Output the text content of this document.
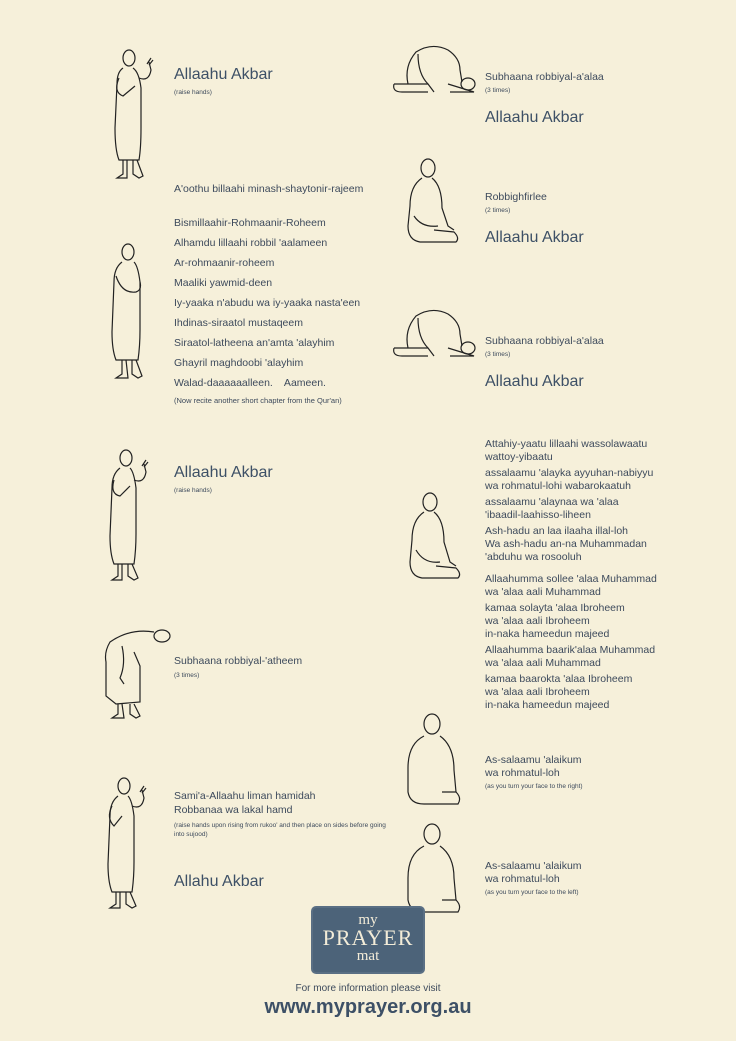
Allaahu Akbar
(raise hands)
A'oothu billaahi minash-shaytonir-rajeem
Bismillaahir-Rohmaanir-Roheem
Alhamdu lillaahi robbil 'aalameen
Ar-rohmaanir-roheem
Maaliki yawmid-deen
Iy-yaaka n'abudu wa iy-yaaka nasta'een
Ihdinas-siraatol mustaqeem
Siraatol-latheena an'amta 'alayhim
Ghayril maghdoobi 'alayhim
Walad-daaaaaalleen.    Aameen.
(Now recite another short chapter from the Qur'an)
Allaahu Akbar
(raise hands)
Subhaana robbiyal-'atheem
(3 times)
Sami'a-Allaahu liman hamidah
Robbanaa wa lakal hamd
(raise hands upon rising from rukoo' and then place on sides before going into sujood)
Allahu Akbar
Subhaana robbiyal-a'alaa
(3 times)
Allaahu Akbar
Robbighfirlee
(2 times)
Allaahu Akbar
Subhaana robbiyal-a'alaa
(3 times)
Allaahu Akbar
Attahiy-yaatu lillaahi wassolawaatu
wattoy-yibaatu
assalaamu 'alayka ayyuhan-nabiyyu
wa rohmatul-lohi wabarokaatuh
assalaamu 'alaynaa wa 'alaa
'ibaadil-laahisso-liheen
Ash-hadu an laa ilaaha illal-loh
Wa ash-hadu an-na Muhammadan
'abduhu wa rosooluh
Allaahumma sollee 'alaa Muhammad
wa 'alaa aali Muhammad
kamaa solayta 'alaa Ibroheem
wa 'alaa aali Ibroheem
in-naka hameedun majeed
Allaahumma baarik'alaa Muhammad
wa 'alaa aali Muhammad
kamaa baarokta 'alaa Ibroheem
wa 'alaa aali Ibroheem
in-naka hameedun majeed
As-salaamu 'alaikum
wa rohmatul-loh
(as you turn your face to the right)
As-salaamu 'alaikum
wa rohmatul-loh
(as you turn your face to the left)
my
PRAYER
mat
For more information please visit
www.myprayer.org.au
